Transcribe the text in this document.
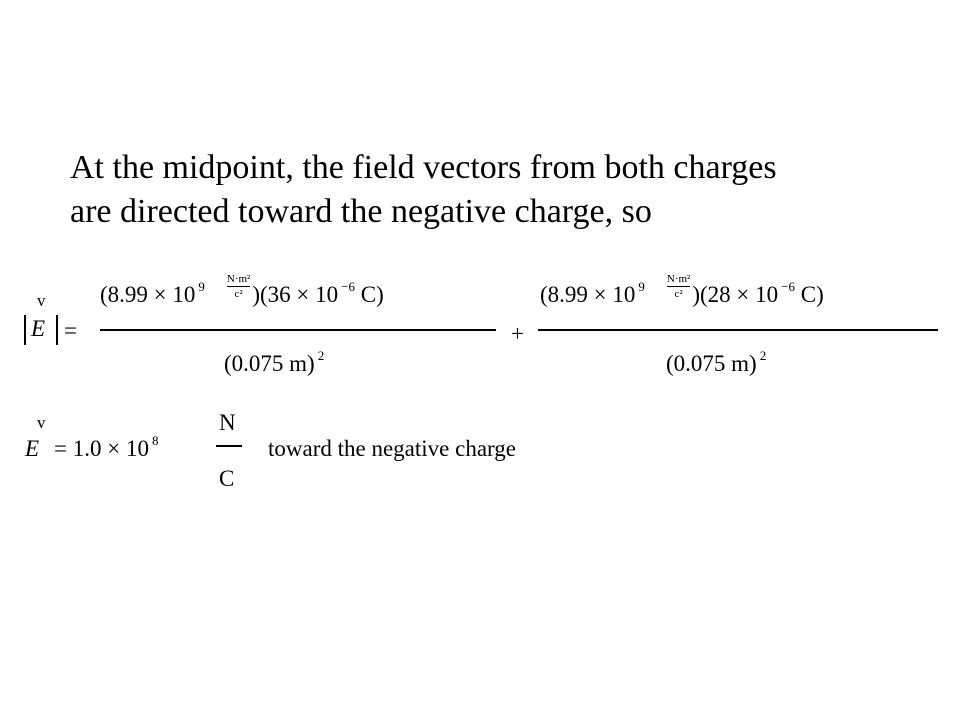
At the midpoint, the field vectors from both charges
are directed toward the negative charge, so
v
E =
(8.99 × 10 $^9 \frac{\text{N·m²}}{\text{c²}} )(36 \times 10$ $^{-6}$ C)
(0.075 m) $^2$
+
(8.99 × 10 $^9 \frac{\text{N·m²}}{\text{c²}} )(28 \times 10$ $^{-6}$ C)
(0.075 m) $^2$
v
E = 1.0 × 10 $^8$
N
C
toward the negative charge
